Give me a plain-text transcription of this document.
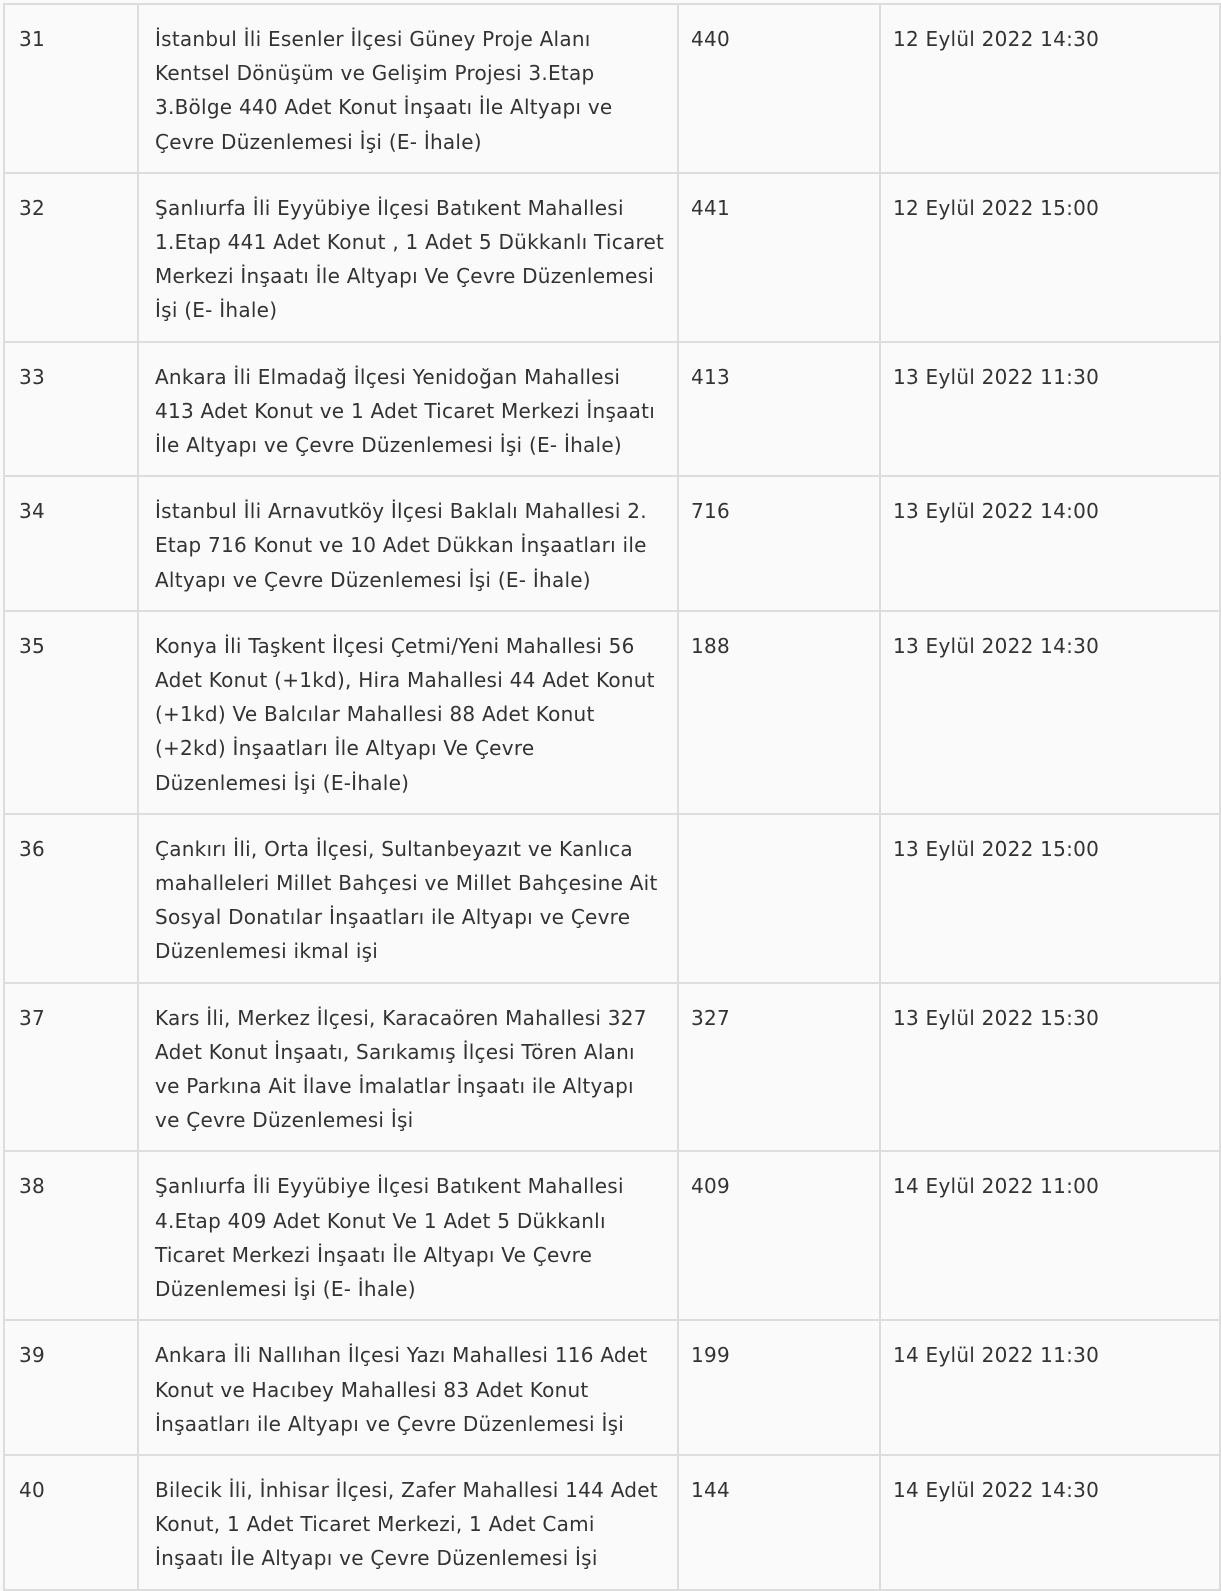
31	İstanbul İli Esenler İlçesi Güney Proje Alanı Kentsel Dönüşüm ve Gelişim Projesi 3.Etap 3.Bölge 440 Adet Konut İnşaatı İle Altyapı ve Çevre Düzenlemesi İşi (E- İhale)	440	12 Eylül 2022 14:30
32	Şanlıurfa İli Eyyübiye İlçesi Batıkent Mahallesi 1.Etap 441 Adet Konut , 1 Adet 5 Dükkanlı Ticaret Merkezi İnşaatı İle Altyapı Ve Çevre Düzenlemesi İşi (E- İhale)	441	12 Eylül 2022 15:00
33	Ankara İli Elmadağ İlçesi Yenidoğan Mahallesi 413 Adet Konut ve 1 Adet Ticaret Merkezi İnşaatı İle Altyapı ve Çevre Düzenlemesi İşi (E- İhale)	413	13 Eylül 2022 11:30
34	İstanbul İli Arnavutköy İlçesi Baklalı Mahallesi 2. Etap 716 Konut ve 10 Adet Dükkan İnşaatları ile Altyapı ve Çevre Düzenlemesi İşi (E- İhale)	716	13 Eylül 2022 14:00
35	Konya İli Taşkent İlçesi Çetmi/Yeni Mahallesi 56 Adet Konut (+1kd), Hira Mahallesi 44 Adet Konut (+1kd) Ve Balcılar Mahallesi 88 Adet Konut (+2kd) İnşaatları İle Altyapı Ve Çevre Düzenlemesi İşi (E-İhale)	188	13 Eylül 2022 14:30
36	Çankırı İli, Orta İlçesi, Sultanbeyazıt ve Kanlıca mahalleleri Millet Bahçesi ve Millet Bahçesine Ait Sosyal Donatılar İnşaatları ile Altyapı ve Çevre Düzenlemesi ikmal işi		13 Eylül 2022 15:00
37	Kars İli, Merkez İlçesi, Karacaören Mahallesi 327 Adet Konut İnşaatı, Sarıkamış İlçesi Tören Alanı ve Parkına Ait İlave İmalatlar İnşaatı ile Altyapı ve Çevre Düzenlemesi İşi	327	13 Eylül 2022 15:30
38	Şanlıurfa İli Eyyübiye İlçesi Batıkent Mahallesi 4.Etap 409 Adet Konut Ve 1 Adet 5 Dükkanlı Ticaret Merkezi İnşaatı İle Altyapı Ve Çevre Düzenlemesi İşi (E- İhale)	409	14 Eylül 2022 11:00
39	Ankara İli Nallıhan İlçesi Yazı Mahallesi 116 Adet Konut ve Hacıbey Mahallesi 83 Adet Konut İnşaatları ile Altyapı ve Çevre Düzenlemesi İşi	199	14 Eylül 2022 11:30
40	Bilecik İli, İnhisar İlçesi, Zafer Mahallesi 144 Adet Konut, 1 Adet Ticaret Merkezi, 1 Adet Cami İnşaatı İle Altyapı ve Çevre Düzenlemesi İşi	144	14 Eylül 2022 14:30
